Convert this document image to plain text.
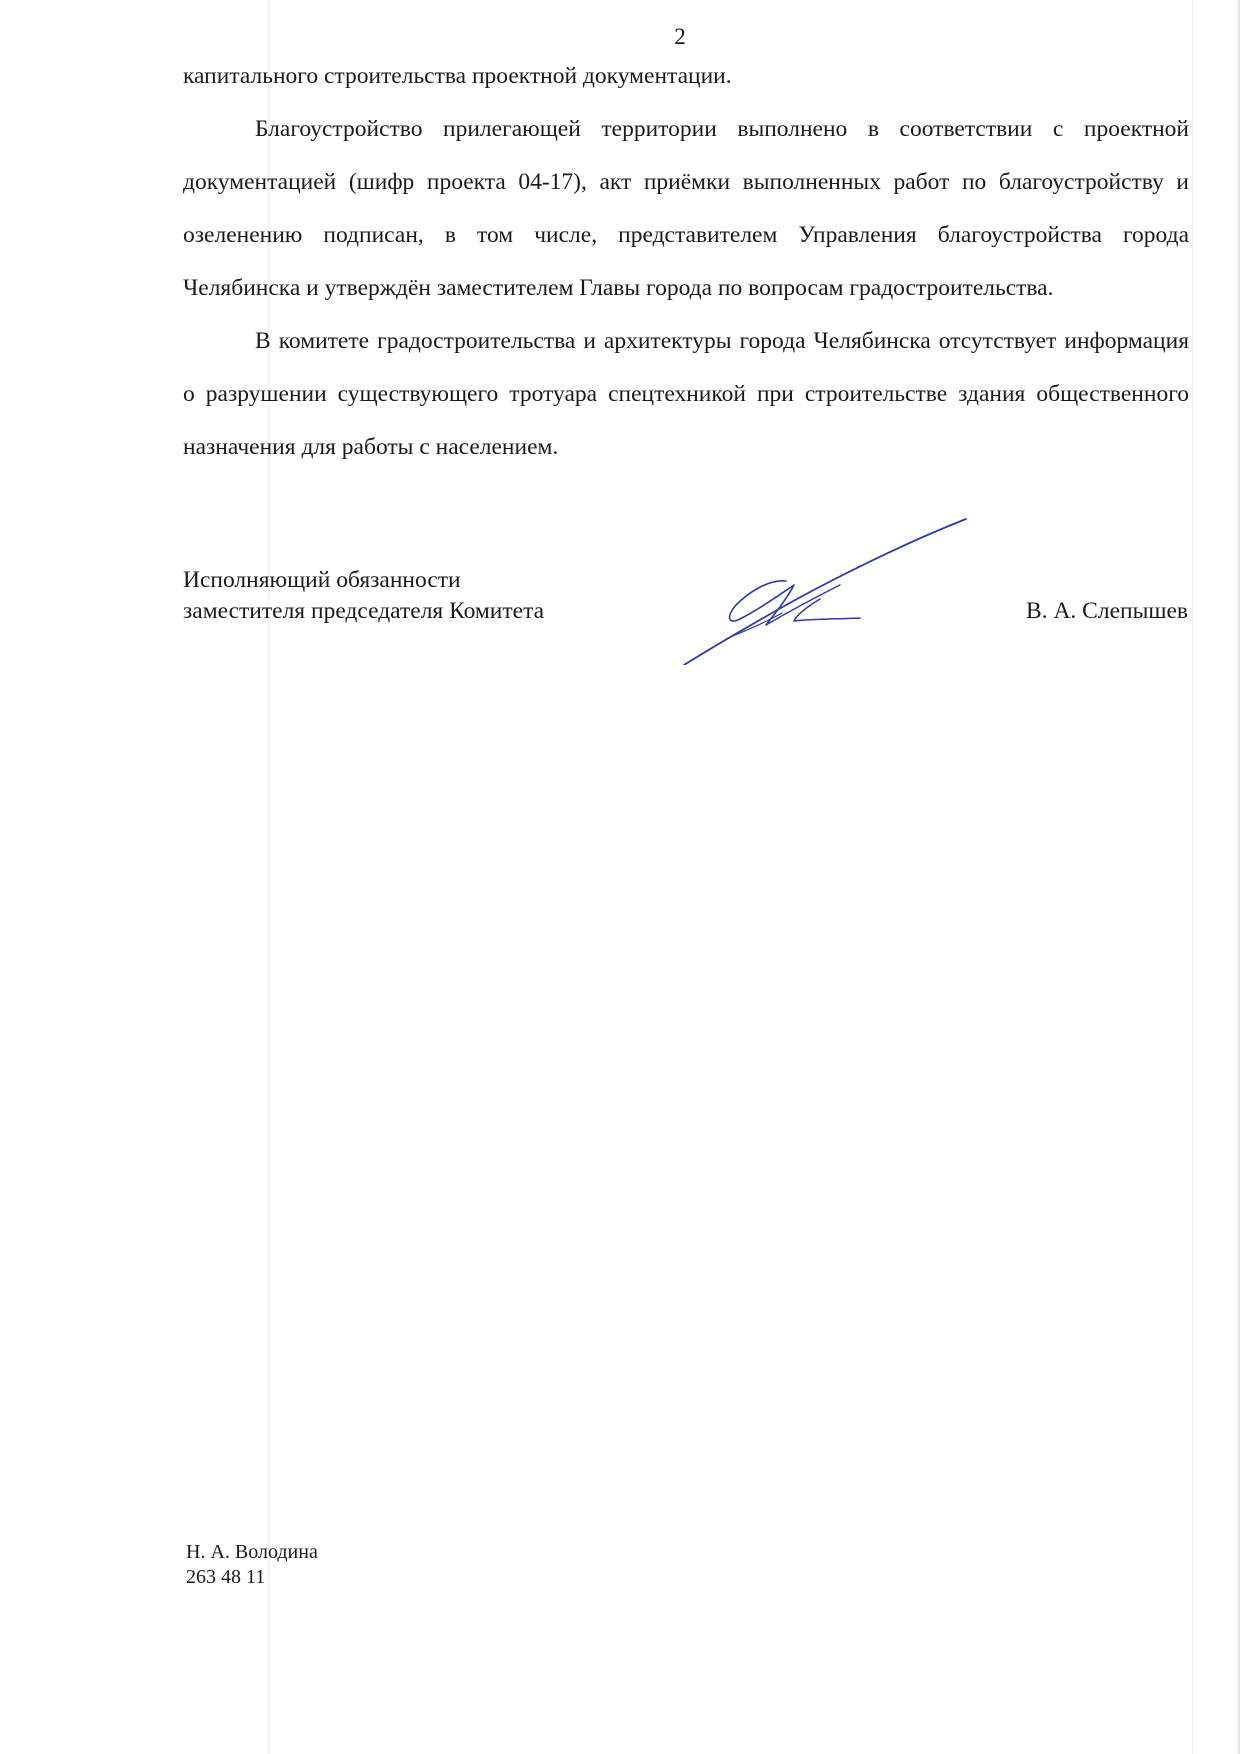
2

капитального строительства проектной документации.

Благоустройство прилегающей территории выполнено в соответствии с проектной документацией (шифр проекта 04-17), акт приёмки выполненных работ по благоустройству и озеленению подписан, в том числе, представителем Управления благоустройства города Челябинска и утверждён заместителем Главы города по вопросам градостроительства.

В комитете градостроительства и архитектуры города Челябинска отсутствует информация о разрушении существующего тротуара спецтехникой при строительстве здания общественного назначения для работы с населением.

Исполняющий обязанности
заместителя председателя Комитета	В. А. Слепышев
Н. А. Володина
263 48 11
